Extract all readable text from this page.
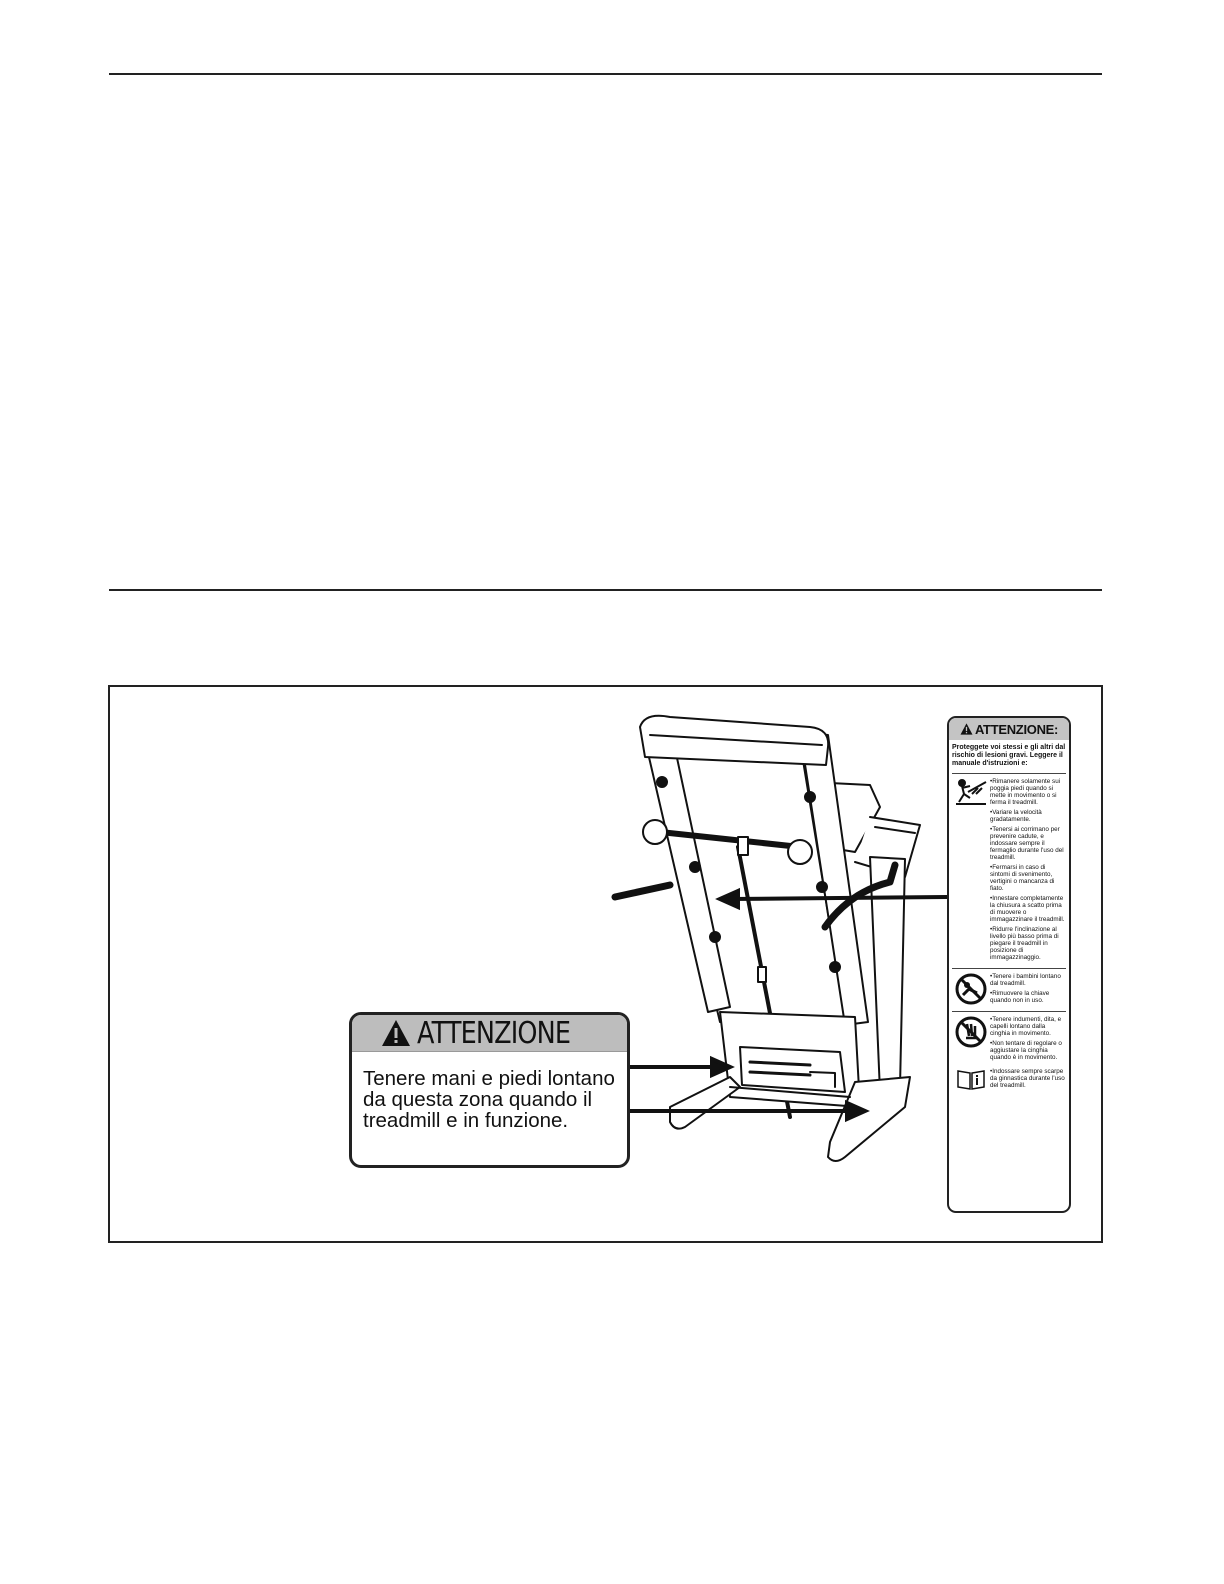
ATTENZIONE
Tenere mani e piedi lontano
da questa zona quando il
treadmill e in funzione.
ATTENZIONE:
Proteggete voi stessi e gli altri dal rischio di lesioni gravi. Leggere il manuale d'istruzioni e:
•Rimanere solamente sui poggia piedi quando si mette in movimento o si ferma il treadmill.
•Variare la velocità gradatamente.
•Tenersi ai corrimano per prevenire cadute, e indossare sempre il fermaglio durante l'uso del treadmill.
•Fermarsi in caso di sintomi di svenimento, vertigini o mancanza di fiato.
•Innestare completamente la chiusura a scatto prima di muovere o immagazzinare il treadmill.
•Ridurre l'inclinazione al livello più basso prima di piegare il treadmill in posizione di immagazzinaggio.
•Tenere i bambini lontano dal treadmill.
•Rimuovere la chiave quando non in uso.
•Tenere indumenti, dita, e capelli lontano dalla cinghia in movimento.
•Non tentare di regolare o aggiustare la cinghia quando è in movimento.
•Indossare sempre scarpe da ginnastica durante l'uso del treadmill.
